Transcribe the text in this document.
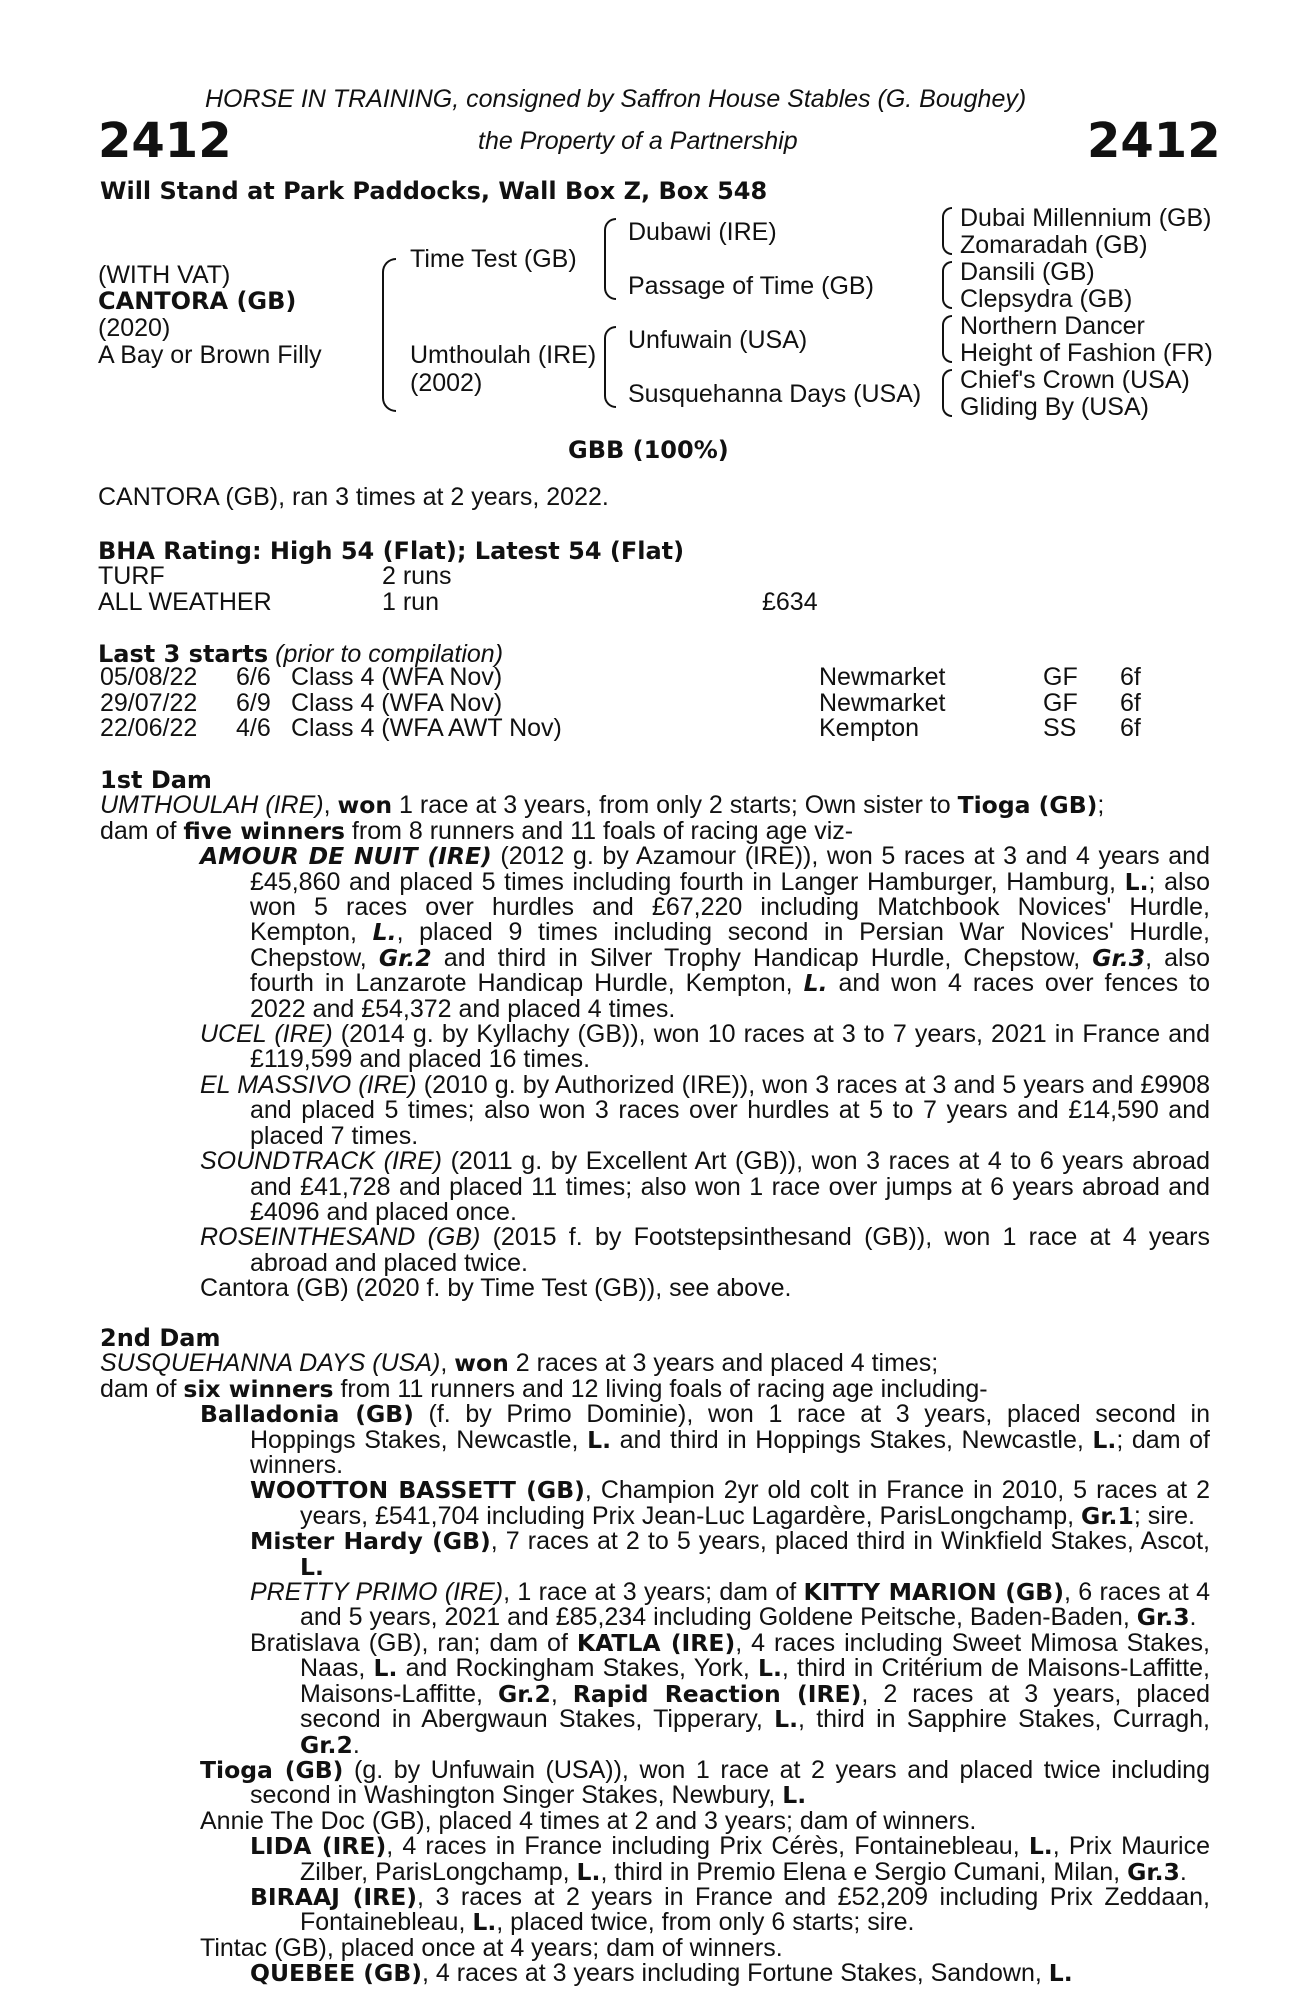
HORSE IN TRAINING, consigned by Saffron House Stables (G. Boughey)
2412	the Property of a Partnership	2412
Will Stand at Park Paddocks, Wall Box Z, Box 548
(WITH VAT)
CANTORA (GB)
(2020)
A Bay or Brown Filly
Time Test (GB)
Umthoulah (IRE)
(2002)
Dubawi (IRE)
Passage of Time (GB)
Unfuwain (USA)
Susquehanna Days (USA)
Dubai Millennium (GB)
Zomaradah (GB)
Dansili (GB)
Clepsydra (GB)
Northern Dancer
Height of Fashion (FR)
Chief's Crown (USA)
Gliding By (USA)
GBB (100%)
CANTORA (GB), ran 3 times at 2 years, 2022.
BHA Rating: High 54 (Flat); Latest 54 (Flat)
TURF	2 runs
ALL WEATHER	1 run	£634
Last 3 starts (prior to compilation)
05/08/22	6/6	Class 4 (WFA Nov)	Newmarket	GF	6f
29/07/22	6/9	Class 4 (WFA Nov)	Newmarket	GF	6f
22/06/22	4/6	Class 4 (WFA AWT Nov)	Kempton	SS	6f

1st Dam

UMTHOULAH (IRE), won 1 race at 3 years, from only 2 starts; Own sister to Tioga (GB);

dam of five winners from 8 runners and 11 foals of racing age viz-

AMOUR DE NUIT (IRE) (2012 g. by Azamour (IRE)), won 5 races at 3 and 4 years and £45,860 and placed 5 times including fourth in Langer Hamburger, Hamburg, L.; also won 5 races over hurdles and £67,220 including Matchbook Novices' Hurdle, Kempton, L., placed 9 times including second in Persian War Novices' Hurdle, Chepstow, Gr.2 and third in Silver Trophy Handicap Hurdle, Chepstow, Gr.3, also fourth in Lanzarote Handicap Hurdle, Kempton, L. and won 4 races over fences to 2022 and £54,372 and placed 4 times.

UCEL (IRE) (2014 g. by Kyllachy (GB)), won 10 races at 3 to 7 years, 2021 in France and £119,599 and placed 16 times.

EL MASSIVO (IRE) (2010 g. by Authorized (IRE)), won 3 races at 3 and 5 years and £9908 and placed 5 times; also won 3 races over hurdles at 5 to 7 years and £14,590 and placed 7 times.

SOUNDTRACK (IRE) (2011 g. by Excellent Art (GB)), won 3 races at 4 to 6 years abroad and £41,728 and placed 11 times; also won 1 race over jumps at 6 years abroad and £4096 and placed once.

ROSEINTHESAND (GB) (2015 f. by Footstepsinthesand (GB)), won 1 race at 4 years abroad and placed twice.

Cantora (GB) (2020 f. by Time Test (GB)), see above.

2nd Dam

SUSQUEHANNA DAYS (USA), won 2 races at 3 years and placed 4 times;

dam of six winners from 11 runners and 12 living foals of racing age including-

Balladonia (GB) (f. by Primo Dominie), won 1 race at 3 years, placed second in Hoppings Stakes, Newcastle, L. and third in Hoppings Stakes, Newcastle, L.; dam of winners.

WOOTTON BASSETT (GB), Champion 2yr old colt in France in 2010, 5 races at 2 years, £541,704 including Prix Jean-Luc Lagardère, ParisLongchamp, Gr.1; sire.

Mister Hardy (GB), 7 races at 2 to 5 years, placed third in Winkfield Stakes, Ascot, L.

PRETTY PRIMO (IRE), 1 race at 3 years; dam of KITTY MARION (GB), 6 races at 4 and 5 years, 2021 and £85,234 including Goldene Peitsche, Baden-Baden, Gr.3.

Bratislava (GB), ran; dam of KATLA (IRE), 4 races including Sweet Mimosa Stakes, Naas, L. and Rockingham Stakes, York, L., third in Critérium de Maisons-Laffitte, Maisons-Laffitte, Gr.2, Rapid Reaction (IRE), 2 races at 3 years, placed second in Abergwaun Stakes, Tipperary, L., third in Sapphire Stakes, Curragh, Gr.2.

Tioga (GB) (g. by Unfuwain (USA)), won 1 race at 2 years and placed twice including second in Washington Singer Stakes, Newbury, L.

Annie The Doc (GB), placed 4 times at 2 and 3 years; dam of winners.

LIDA (IRE), 4 races in France including Prix Cérès, Fontainebleau, L., Prix Maurice Zilber, ParisLongchamp, L., third in Premio Elena e Sergio Cumani, Milan, Gr.3.

BIRAAJ (IRE), 3 races at 2 years in France and £52,209 including Prix Zeddaan, Fontainebleau, L., placed twice, from only 6 starts; sire.

Tintac (GB), placed once at 4 years; dam of winners.

QUEBEE (GB), 4 races at 3 years including Fortune Stakes, Sandown, L.
